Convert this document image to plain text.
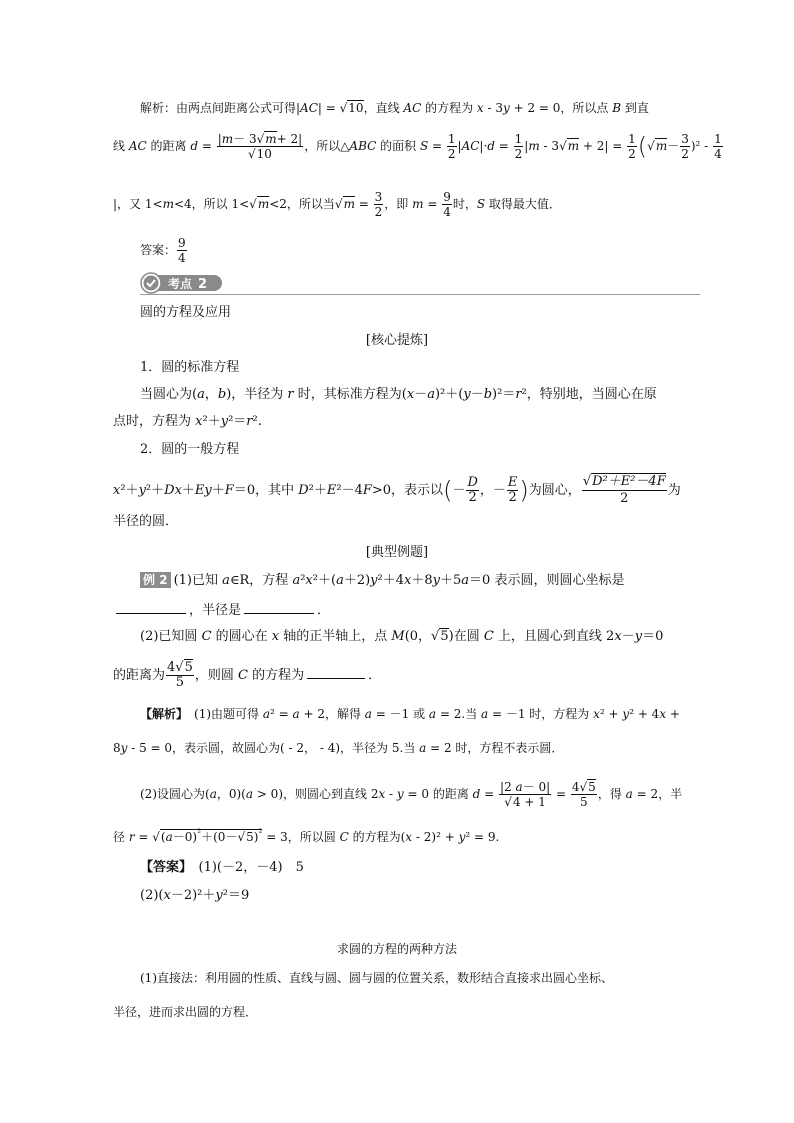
解析：由两点间距离公式可得|AC| = √10，直线 AC 的方程为 x - 3y + 2 = 0，所以点 B 到直
线 AC 的距离 $d = \frac{|m- 3√m+ 2|}{√10}$ ，所以△ABC 的面积 $S = \frac{1}{2} |AC|\cdot d = \frac{1}{2} |m - 3√m + 2| = \frac{1}{2} (√m- \frac{3}{2} )^2 - \frac{1}{4}$
|，又 1<m<4，所以 1<√m<2，所以当$√m = \frac{3}{2}$ ，即 $m = \frac{9}{4}$ 时，S 取得最大值．
答案： $\frac{9}{4}$
考点 2
圆的方程及应用
[核心提炼]
1．圆的标准方程
当圆心为(a，b)，半径为 r 时，其标准方程为(x－a)²＋(y－b)²＝r²，特别地，当圆心在原
点时，方程为 x²＋y²＝r².
2．圆的一般方程
x²＋y²＋Dx＋Ey＋F＝0，其中 D²＋E²－4F>0，表示以(－ $\frac{D}{2}$ ，－ $\frac{E}{2}$ )为圆心， $\frac{\text{√D²＋E²－4F}}{2}$ 为
半径的圆．
[典型例题]
例 2 (1)已知 a∈R，方程 a²x²＋(a＋2)y²＋4x＋8y＋5a＝0 表示圆，则圆心坐标是
，半径是	．
(2)已知圆 C 的圆心在 x 轴的正半轴上，点 M(0，√5)在圆 C 上，且圆心到直线 2x－y＝0
的距离为 $\frac{4√5}{5}$ ，则圆 C 的方程为	．
【解析】　(1)由题可得 a² = a + 2，解得 a = －1 或 a = 2.当 a = －1 时，方程为 x² + y² + 4x +
8y - 5 = 0，表示圆，故圆心为( - 2， - 4)，半径为 5.当 a = 2 时，方程不表示圆．
(2)设圆心为(a，0)(a > 0)，则圆心到直线 2x - y = 0 的距离 $d = \frac{|2 a- 0|}{√4 + 1} = \frac{4√5}{5}$ ，得 a = 2，半
径 $r = √(a-0)^{^2}+(0-√5)^{^2} = 3$，所以圆 C 的方程为(x - 2)² + y² = 9.
【答案】　(1)(－2，－4)　5
(2)(x－2)²＋y²＝9
求圆的方程的两种方法
(1)直接法：利用圆的性质、直线与圆、圆与圆的位置关系，数形结合直接求出圆心坐标、
半径，进而求出圆的方程．
